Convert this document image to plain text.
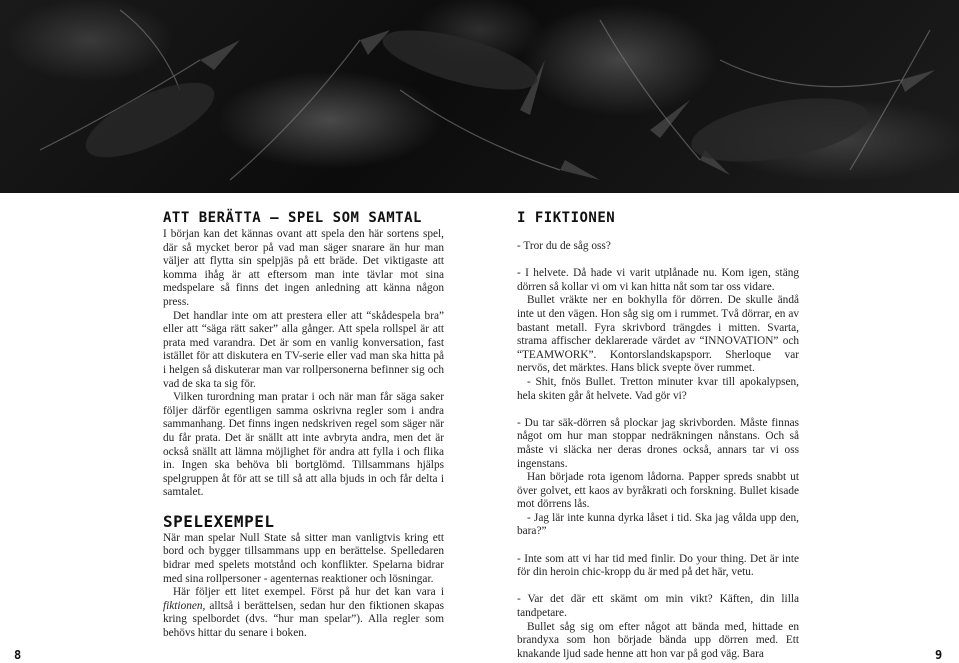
ATT BERÄTTA — SPEL SOM SAMTAL

I början kan det kännas ovant att spela den här sortens spel, där så mycket beror på vad man säger snarare än hur man väljer att flytta sin spelpjäs på ett bräde. Det viktigaste att komma ihåg är att eftersom man inte tävlar mot sina medspelare så finns det ingen anledning att känna någon press.

Det handlar inte om att prestera eller att “skådespela bra” eller att “säga rätt saker” alla gånger. Att spela rollspel är att prata med varandra. Det är som en vanlig konversation, fast istället för att diskutera en TV-serie eller vad man ska hitta på i helgen så diskuterar man var rollpersonerna befinner sig och vad de ska ta sig för.

Vilken turordning man pratar i och när man får säga saker följer därför egentligen samma oskrivna regler som i andra sammanhang. Det finns ingen nedskriven regel som säger när du får prata. Det är snällt att inte avbryta andra, men det är också snällt att lämna möjlighet för andra att fylla i och flika in. Ingen ska behöva bli bortglömd. Tillsammans hjälps spelgruppen åt för att se till så att alla bjuds in och får delta i samtalet.

SPELEXEMPEL

När man spelar Null State så sitter man vanligtvis kring ett bord och bygger tillsammans upp en berättelse. Spelledaren bidrar med spelets motstånd och konflikter. Spelarna bidrar med sina rollpersoner - agenternas reaktioner och lösningar.

Här följer ett litet exempel. Först på hur det kan vara i fiktionen, alltså i berättelsen, sedan hur den fiktionen skapas kring spelbordet (dvs. “hur man spelar”). Alla regler som behövs hittar du senare i boken.

I FIKTIONEN

- Tror du de såg oss?

- I helvete. Då hade vi varit utplånade nu. Kom igen, stäng dörren så kollar vi om vi kan hitta nåt som tar oss vidare.

Bullet vräkte ner en bokhylla för dörren. De skulle ändå inte ut den vägen. Hon såg sig om i rummet. Två dörrar, en av bastant metall. Fyra skrivbord trängdes i mitten. Svarta, strama affischer deklarerade värdet av “INNOVATION” och “TEAMWORK”. Kontorslandskapsporr. Sherloque var nervös, det märktes. Hans blick svepte över rummet.

- Shit, fnös Bullet. Tretton minuter kvar till apokalypsen, hela skiten går åt helvete. Vad gör vi?

- Du tar säk-dörren så plockar jag skrivborden. Måste finnas något om hur man stoppar nedräkningen nånstans. Och så måste vi släcka ner deras drones också, annars tar vi oss ingenstans.

Han började rota igenom lådorna. Papper spreds snabbt ut över golvet, ett kaos av byråkrati och forskning. Bullet kisade mot dörrens lås.

- Jag lär inte kunna dyrka låset i tid. Ska jag vålda upp den, bara?”

- Inte som att vi har tid med finlir. Do your thing. Det är inte för din heroin chic-kropp du är med på det här, vetu.

- Var det där ett skämt om min vikt? Käften, din lilla tandpetare.

Bullet såg sig om efter något att bända med, hittade en brandyxa som hon började bända upp dörren med. Ett knakande ljud sade henne att hon var på god väg. Bara

8	9
